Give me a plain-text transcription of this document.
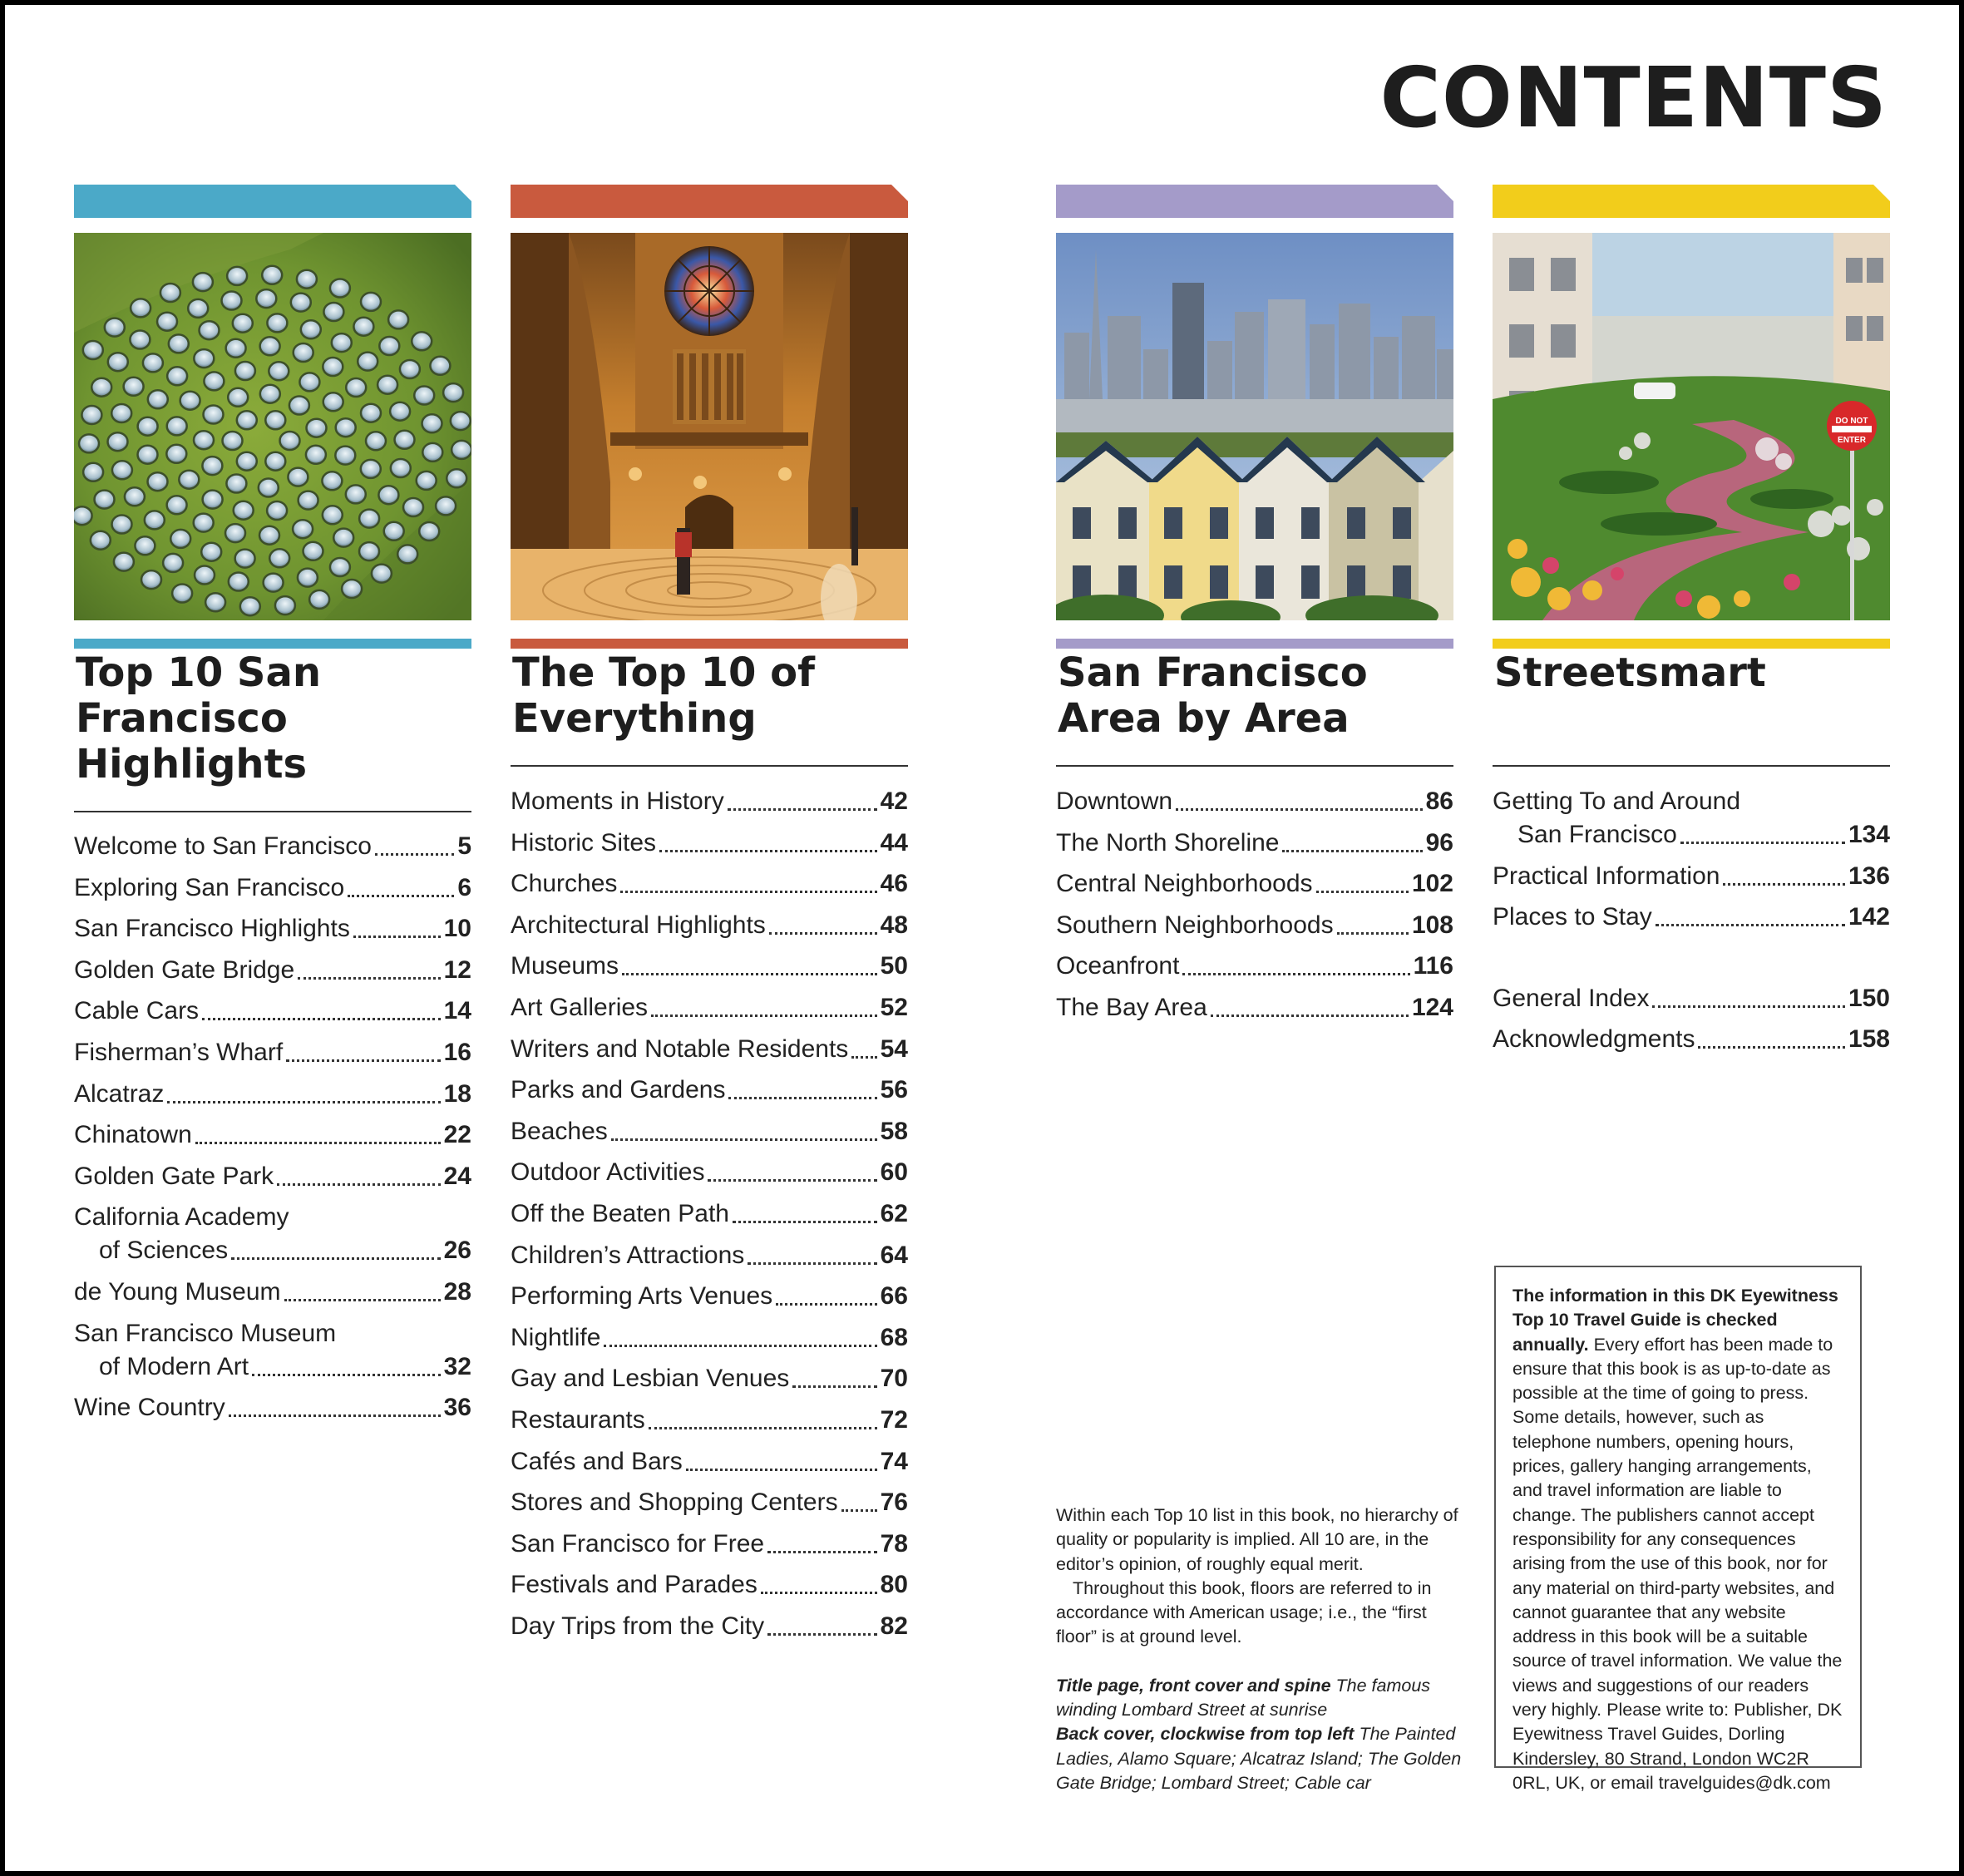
CONTENTS
Top 10 San
Francisco
Highlights
Welcome to San Francisco	5
Exploring San Francisco	6
San Francisco Highlights	10
Golden Gate Bridge	12
Cable Cars	14
Fisherman’s Wharf	16
Alcatraz	18
Chinatown	22
Golden Gate Park	24
California Academy
of Sciences	26
de Young Museum	28
San Francisco Museum
of Modern Art	32
Wine Country	36
The Top 10 of
Everything
Moments in History	42
Historic Sites	44
Churches	46
Architectural Highlights	48
Museums	50
Art Galleries	52
Writers and Notable Residents 54
Parks and Gardens	56
Beaches	58
Outdoor Activities	60
Off the Beaten Path	62
Children’s Attractions	64
Performing Arts Venues	66
Nightlife	68
Gay and Lesbian Venues	70
Restaurants	72
Cafés and Bars	74
Stores and Shopping Centers 76
San Francisco for Free	78
Festivals and Parades	80
Day Trips from the City	82
San Francisco
Area by Area
Downtown	86
The North Shoreline	96
Central Neighborhoods	102
Southern Neighborhoods	108
Oceanfront	116
The Bay Area	124
DO NOT
ENTER
Streetsmart
Getting To and Around
San Francisco	134
Practical Information	136
Places to Stay	142
General Index	150
Acknowledgments	158

Within each Top 10 list in this book, no hierarchy of quality or popularity is implied. All 10 are, in the editor’s opinion, of roughly equal merit.

Throughout this book, floors are referred to in accordance with American usage; i.e., the “first floor” is at ground level.

Title page, front cover and spine The famous winding Lombard Street at sunrise
Back cover, clockwise from top left The Painted Ladies, Alamo Square; Alcatraz Island; The Golden Gate Bridge; Lombard Street; Cable car

The information in this DK Eyewitness Top 10 Travel Guide is checked annually. Every effort has been made to ensure that this book is as up-to-date as possible at the time of going to press. Some details, however, such as telephone numbers, opening hours, prices, gallery hanging arrangements, and travel information are liable to change. The publishers cannot accept responsibility for any consequences arising from the use of this book, nor for any material on third-party websites, and cannot guarantee that any website address in this book will be a suitable source of travel information. We value the views and suggestions of our readers very highly. Please write to: Publisher, DK Eyewitness Travel Guides, Dorling Kindersley, 80 Strand, London WC2R 0RL, UK, or email travelguides@dk.com
